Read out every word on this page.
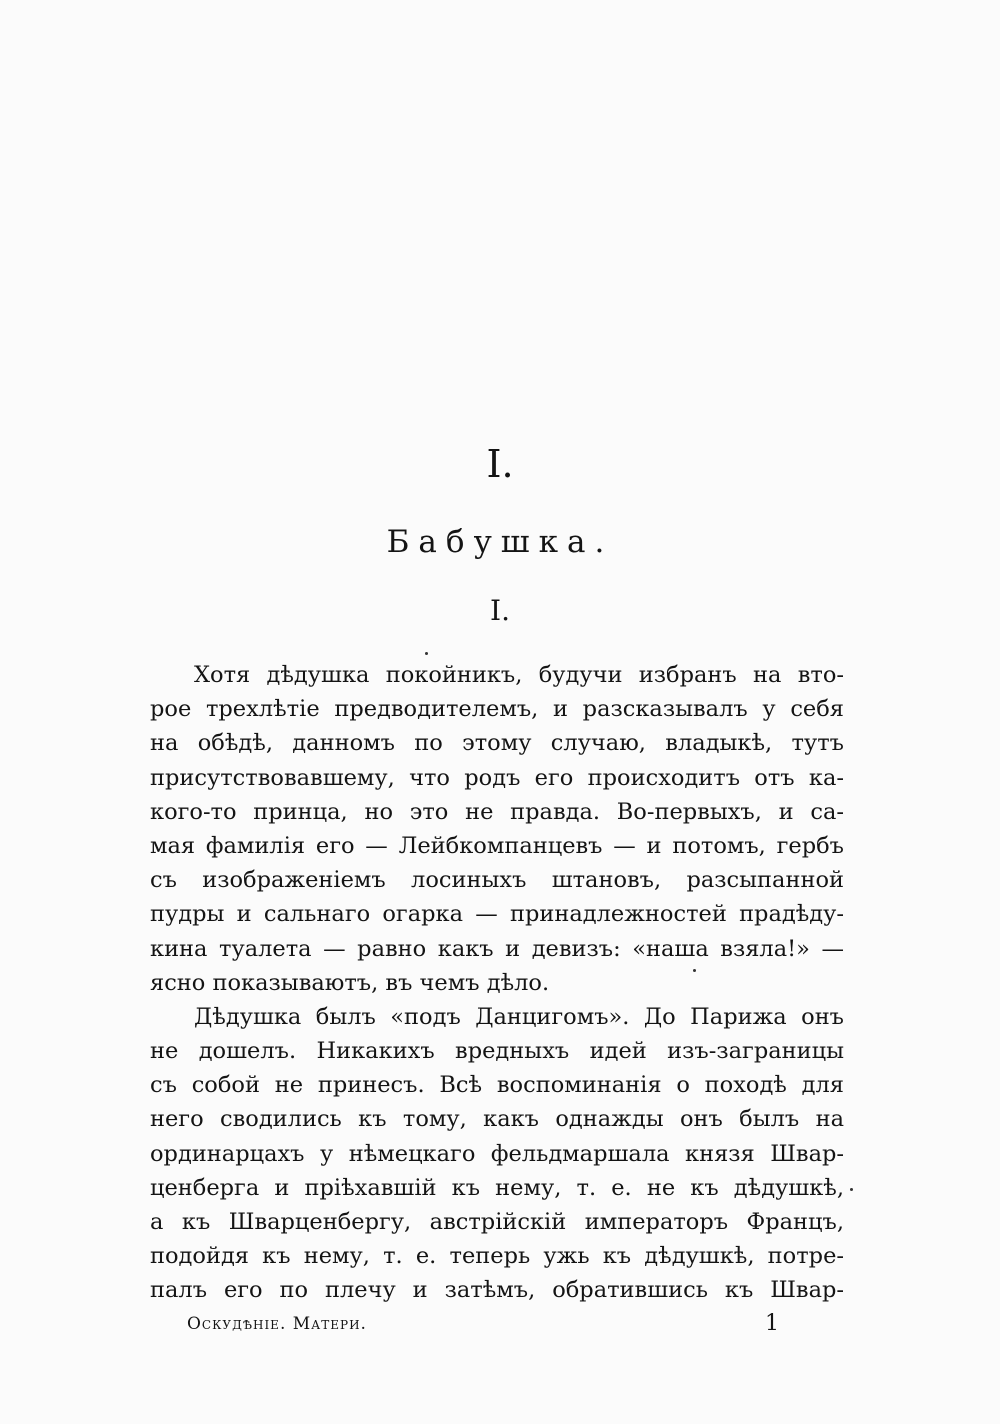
I.
Бабушка.
I.
Хотя дѣдушка покойникъ, будучи избранъ на вто-
рое трехлѣтіе предводителемъ, и разсказывалъ у себя
на обѣдѣ, данномъ по этому случаю, владыкѣ, тутъ
присутствовавшему, что родъ его происходитъ отъ ка-
кого-то принца, но это не правда. Во-первыхъ, и са-
мая фамилія его — Лейбкомпанцевъ — и потомъ, гербъ
съ изображеніемъ лосиныхъ штановъ, разсыпанной
пудры и сальнаго огарка — принадлежностей прадѣду-
кина туалета — равно какъ и девизъ: «наша взяла!» —
ясно показываютъ, въ чемъ дѣло.
Дѣдушка былъ «подъ Данцигомъ». До Парижа онъ
не дошелъ. Никакихъ вредныхъ идей изъ-заграницы
съ собой не принесъ. Всѣ воспоминанія о походѣ для
него сводились къ тому, какъ однажды онъ былъ на
ординарцахъ у нѣмецкаго фельдмаршала князя Швар-
ценберга и пріѣхавшій къ нему, т. е. не къ дѣдушкѣ,
а къ Шварценбергу, австрійскій императоръ Францъ,
подойдя къ нему, т. е. теперь ужь къ дѣдушкѣ, потре-
палъ его по плечу и затѣмъ, обратившись къ Швар-
Оскудѣніе. Матери.	1
